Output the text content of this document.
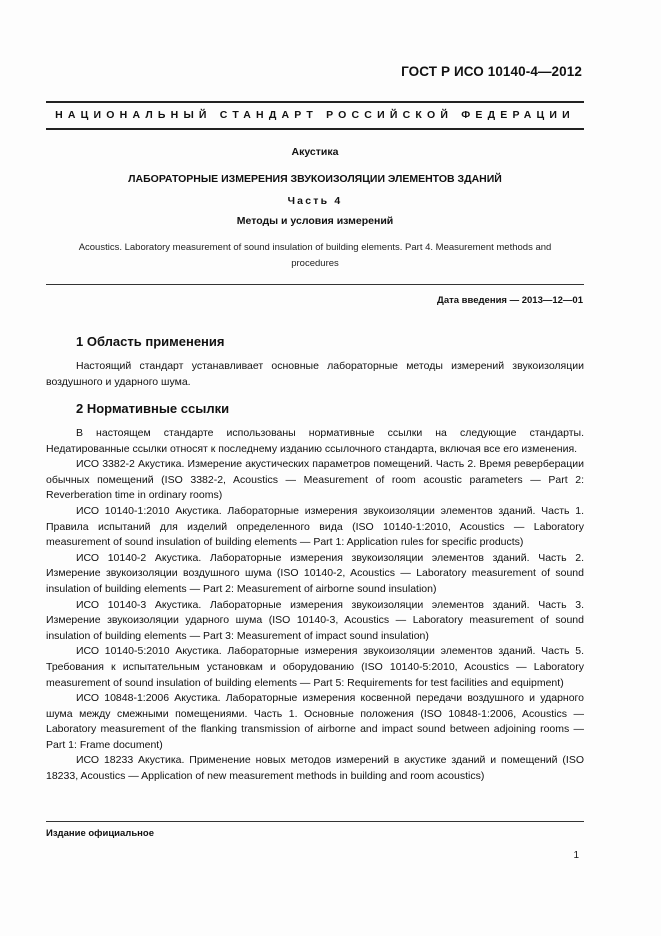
ГОСТ Р ИСО 10140-4—2012
НАЦИОНАЛЬНЫЙ СТАНДАРТ РОССИЙСКОЙ ФЕДЕРАЦИИ
Акустика
ЛАБОРАТОРНЫЕ ИЗМЕРЕНИЯ ЗВУКОИЗОЛЯЦИИ ЭЛЕМЕНТОВ ЗДАНИЙ
Часть 4
Методы и условия измерений
Acoustics. Laboratory measurement of sound insulation of building elements. Part 4. Measurement methods and procedures
Дата введения — 2013—12—01
1 Область применения

Настоящий стандарт устанавливает основные лабораторные методы измерений звукоизоляции воздушного и ударного шума.

2 Нормативные ссылки

В настоящем стандарте использованы нормативные ссылки на следующие стандарты. Недатированные ссылки относят к последнему изданию ссылочного стандарта, включая все его изменения.

ИСО 3382-2 Акустика. Измерение акустических параметров помещений. Часть 2. Время реверберации обычных помещений (ISO 3382-2, Acoustics — Measurement of room acoustic parameters — Part 2: Reverberation time in ordinary rooms)

ИСО 10140-1:2010 Акустика. Лабораторные измерения звукоизоляции элементов зданий. Часть 1. Правила испытаний для изделий определенного вида (ISO 10140-1:2010, Acoustics — Laboratory measurement of sound insulation of building elements — Part 1: Application rules for specific products)

ИСО 10140-2 Акустика. Лабораторные измерения звукоизоляции элементов зданий. Часть 2. Измерение звукоизоляции воздушного шума (ISO 10140-2, Acoustics — Laboratory measurement of sound insulation of building elements — Part 2: Measurement of airborne sound insulation)

ИСО 10140-3 Акустика. Лабораторные измерения звукоизоляции элементов зданий. Часть 3. Измерение звукоизоляции ударного шума (ISO 10140-3, Acoustics — Laboratory measurement of sound insulation of building elements — Part 3: Measurement of impact sound insulation)

ИСО 10140-5:2010 Акустика. Лабораторные измерения звукоизоляции элементов зданий. Часть 5. Требования к испытательным установкам и оборудованию (ISO 10140-5:2010, Acoustics — Laboratory measurement of sound insulation of building elements — Part 5: Requirements for test facilities and equipment)

ИСО 10848-1:2006 Акустика. Лабораторные измерения косвенной передачи воздушного и ударного шума между смежными помещениями. Часть 1. Основные положения (ISO 10848-1:2006, Acoustics — Laboratory measurement of the flanking transmission of airborne and impact sound between adjoining rooms — Part 1: Frame document)

ИСО 18233 Акустика. Применение новых методов измерений в акустике зданий и помещений (ISO 18233, Acoustics — Application of new measurement methods in building and room acoustics)

Издание официальное
1
